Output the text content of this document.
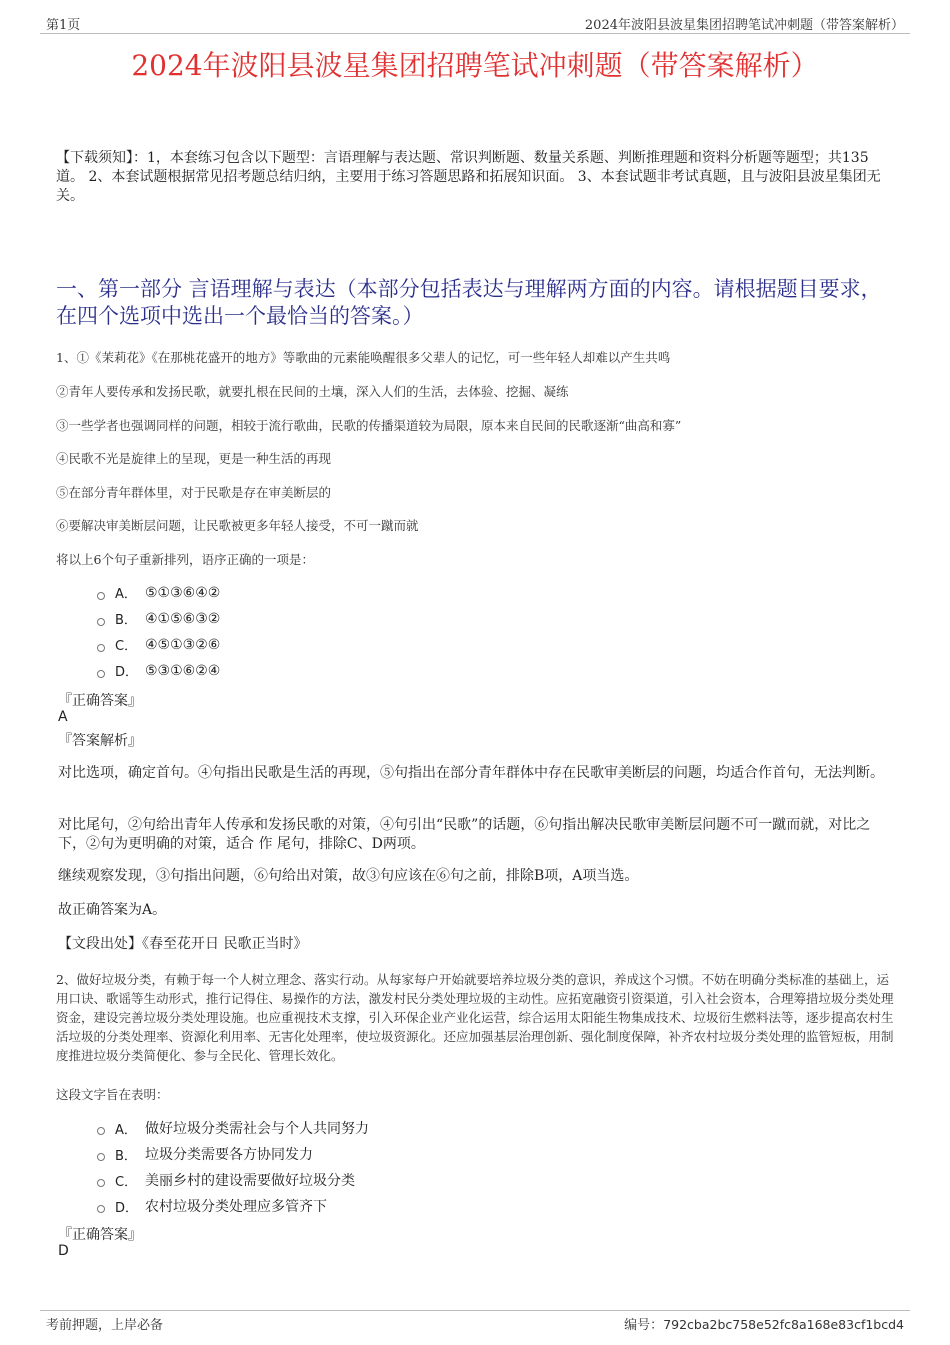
第1页	2024年波阳县波星集团招聘笔试冲刺题（带答案解析）
2024年波阳县波星集团招聘笔试冲刺题（带答案解析）
【下载须知】：1，本套练习包含以下题型：言语理解与表达题、常识判断题、数量关系题、判断推理题和资料分析题等题型；共135道。 2、本套试题根据常见招考题总结归纳，主要用于练习答题思路和拓展知识面。 3、本套试题非考试真题，且与波阳县波星集团无关。
一、第一部分 言语理解与表达（本部分包括表达与理解两方面的内容。请根据题目要求，在四个选项中选出一个最恰当的答案。）
1、①《茉莉花》《在那桃花盛开的地方》等歌曲的元素能唤醒很多父辈人的记忆，可一些年轻人却难以产生共鸣
②青年人要传承和发扬民歌，就要扎根在民间的土壤，深入人们的生活，去体验、挖掘、凝练
③一些学者也强调同样的问题，相较于流行歌曲，民歌的传播渠道较为局限，原本来自民间的民歌逐渐“曲高和寡”
④民歌不光是旋律上的呈现，更是一种生活的再现
⑤在部分青年群体里，对于民歌是存在审美断层的
⑥要解决审美断层问题，让民歌被更多年轻人接受，不可一蹴而就
将以上6个句子重新排列，语序正确的一项是：
A． ⑤①③⑥④②
B． ④①⑤⑥③②
C． ④⑤①③②⑥
D． ⑤③①⑥②④
『正确答案』
A
『答案解析』
对比选项，确定首句。④句指出民歌是生活的再现，⑤句指出在部分青年群体中存在民歌审美断层的问题，均适合作首句，无法判断。
对比尾句，②句给出青年人传承和发扬民歌的对策，④句引出“民歌”的话题，⑥句指出解决民歌审美断层问题不可一蹴而就，对比之下，②句为更明确的对策，适合 作 尾句，排除C、D两项。
继续观察发现，③句指出问题，⑥句给出对策，故③句应该在⑥句之前，排除B项，A项当选。
故正确答案为A。
【文段出处】《春至花开日 民歌正当时》
2、做好垃圾分类，有赖于每一个人树立理念、落实行动。从每家每户开始就要培养垃圾分类的意识，养成这个习惯。不妨在明确分类标准的基础上，运用口诀、歌谣等生动形式，推行记得住、易操作的方法，激发村民分类处理垃圾的主动性。应拓宽融资引资渠道，引入社会资本，合理筹措垃圾分类处理资金，建设完善垃圾分类处理设施。也应重视技术支撑，引入环保企业产业化运营，综合运用太阳能生物集成技术、垃圾衍生燃料法等，逐步提高农村生活垃圾的分类处理率、资源化利用率、无害化处理率，使垃圾资源化。还应加强基层治理创新、强化制度保障，补齐农村垃圾分类处理的监管短板，用制度推进垃圾分类简便化、参与全民化、管理长效化。
这段文字旨在表明：
A． 做好垃圾分类需社会与个人共同努力
B． 垃圾分类需要各方协同发力
C． 美丽乡村的建设需要做好垃圾分类
D． 农村垃圾分类处理应多管齐下
『正确答案』
D
考前押题，上岸必备	编号：792cba2bc758e52fc8a168e83cf1bcd4
